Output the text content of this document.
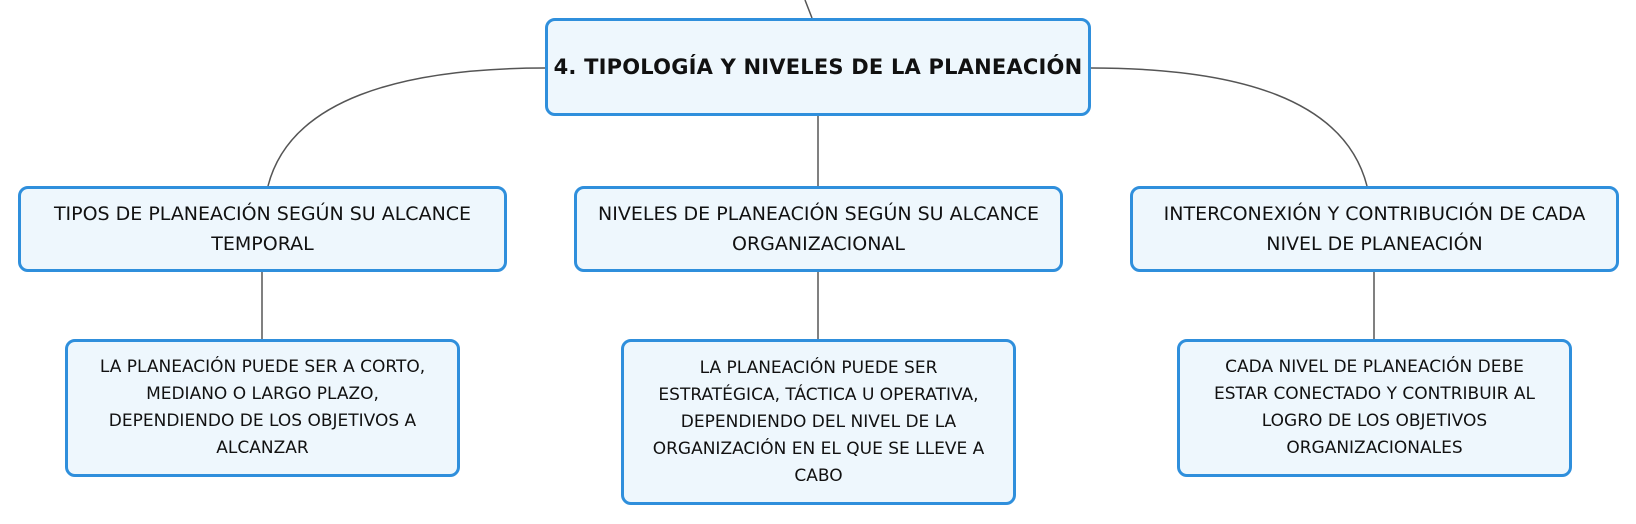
4. TIPOLOGÍA Y NIVELES DE LA PLANEACIÓN
TIPOS DE PLANEACIÓN SEGÚN SU ALCANCE TEMPORAL
NIVELES DE PLANEACIÓN SEGÚN SU ALCANCE ORGANIZACIONAL
INTERCONEXIÓN Y CONTRIBUCIÓN DE CADA NIVEL DE PLANEACIÓN
LA PLANEACIÓN PUEDE SER A CORTO, MEDIANO O LARGO PLAZO, DEPENDIENDO DE LOS OBJETIVOS A ALCANZAR
LA PLANEACIÓN PUEDE SER ESTRATÉGICA, TÁCTICA U OPERATIVA, DEPENDIENDO DEL NIVEL DE LA ORGANIZACIÓN EN EL QUE SE LLEVE A CABO
CADA NIVEL DE PLANEACIÓN DEBE ESTAR CONECTADO Y CONTRIBUIR AL LOGRO DE LOS OBJETIVOS ORGANIZACIONALES
